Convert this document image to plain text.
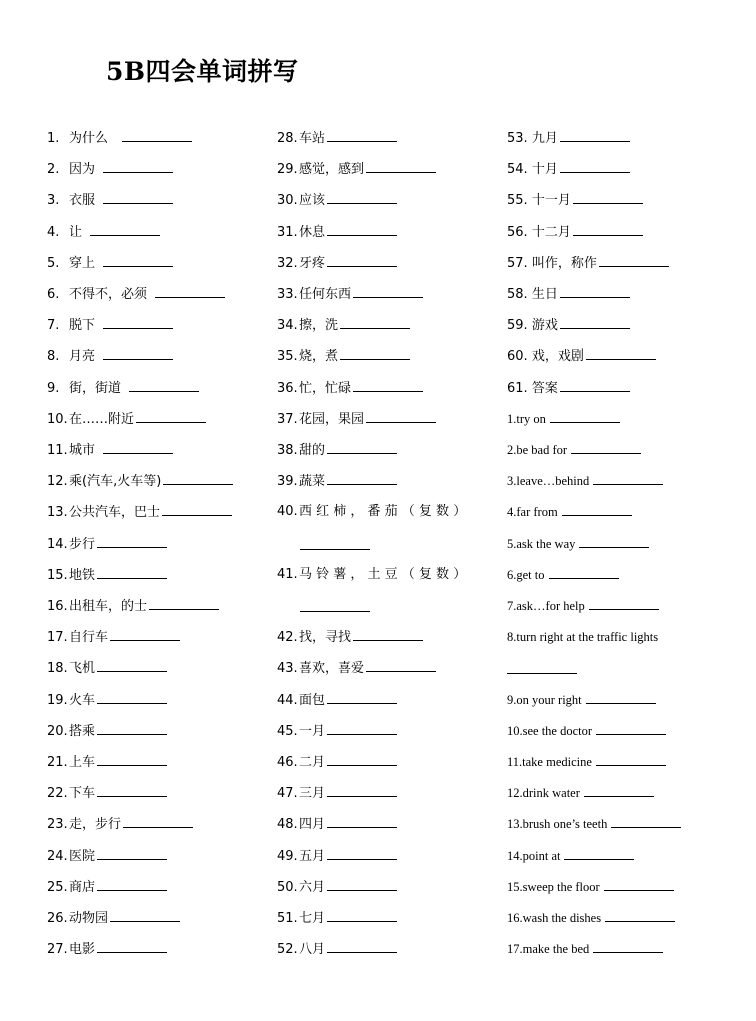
5B四会单词拼写
1. 为什么
2. 因为
3. 衣服
4. 让
5. 穿上
6. 不得不，必须
7. 脱下
8. 月亮
9. 街，街道
10.在……附近
11.城市
12.乘(汽车,火车等)
13.公共汽车，巴士
14.步行
15.地铁
16.出租车，的士
17.自行车
18.飞机
19.火车
20.搭乘
21.上车
22.下车
23.走，步行
24.医院
25.商店
26.动物园
27.电影
28.车站
29.感觉，感到
30.应该
31.休息
32.牙疼
33.任何东西
34.擦，洗
35.烧，煮
36.忙，忙碌
37.花园，果园
38.甜的
39.蔬菜
40.西 红 柿 ， 番 茄 （ 复 数 ）
41.马 铃 薯 ， 土 豆 （ 复 数 ）
42.找，寻找
43.喜欢，喜爱
44.面包
45.一月
46.二月
47.三月
48.四月
49.五月
50.六月
51.七月
52.八月
53. 九月
54. 十月
55. 十一月
56. 十二月
57. 叫作，称作
58. 生日
59. 游戏
60. 戏，戏剧
61. 答案
1.try on
2.be bad for
3.leave…behind
4.far from
5.ask the way
6.get to
7.ask…for help
8.turn right at the traffic lights
9.on your right
10.see the doctor
11.take medicine
12.drink water
13.brush one’s teeth
14.point at
15.sweep the floor
16.wash the dishes
17.make the bed
